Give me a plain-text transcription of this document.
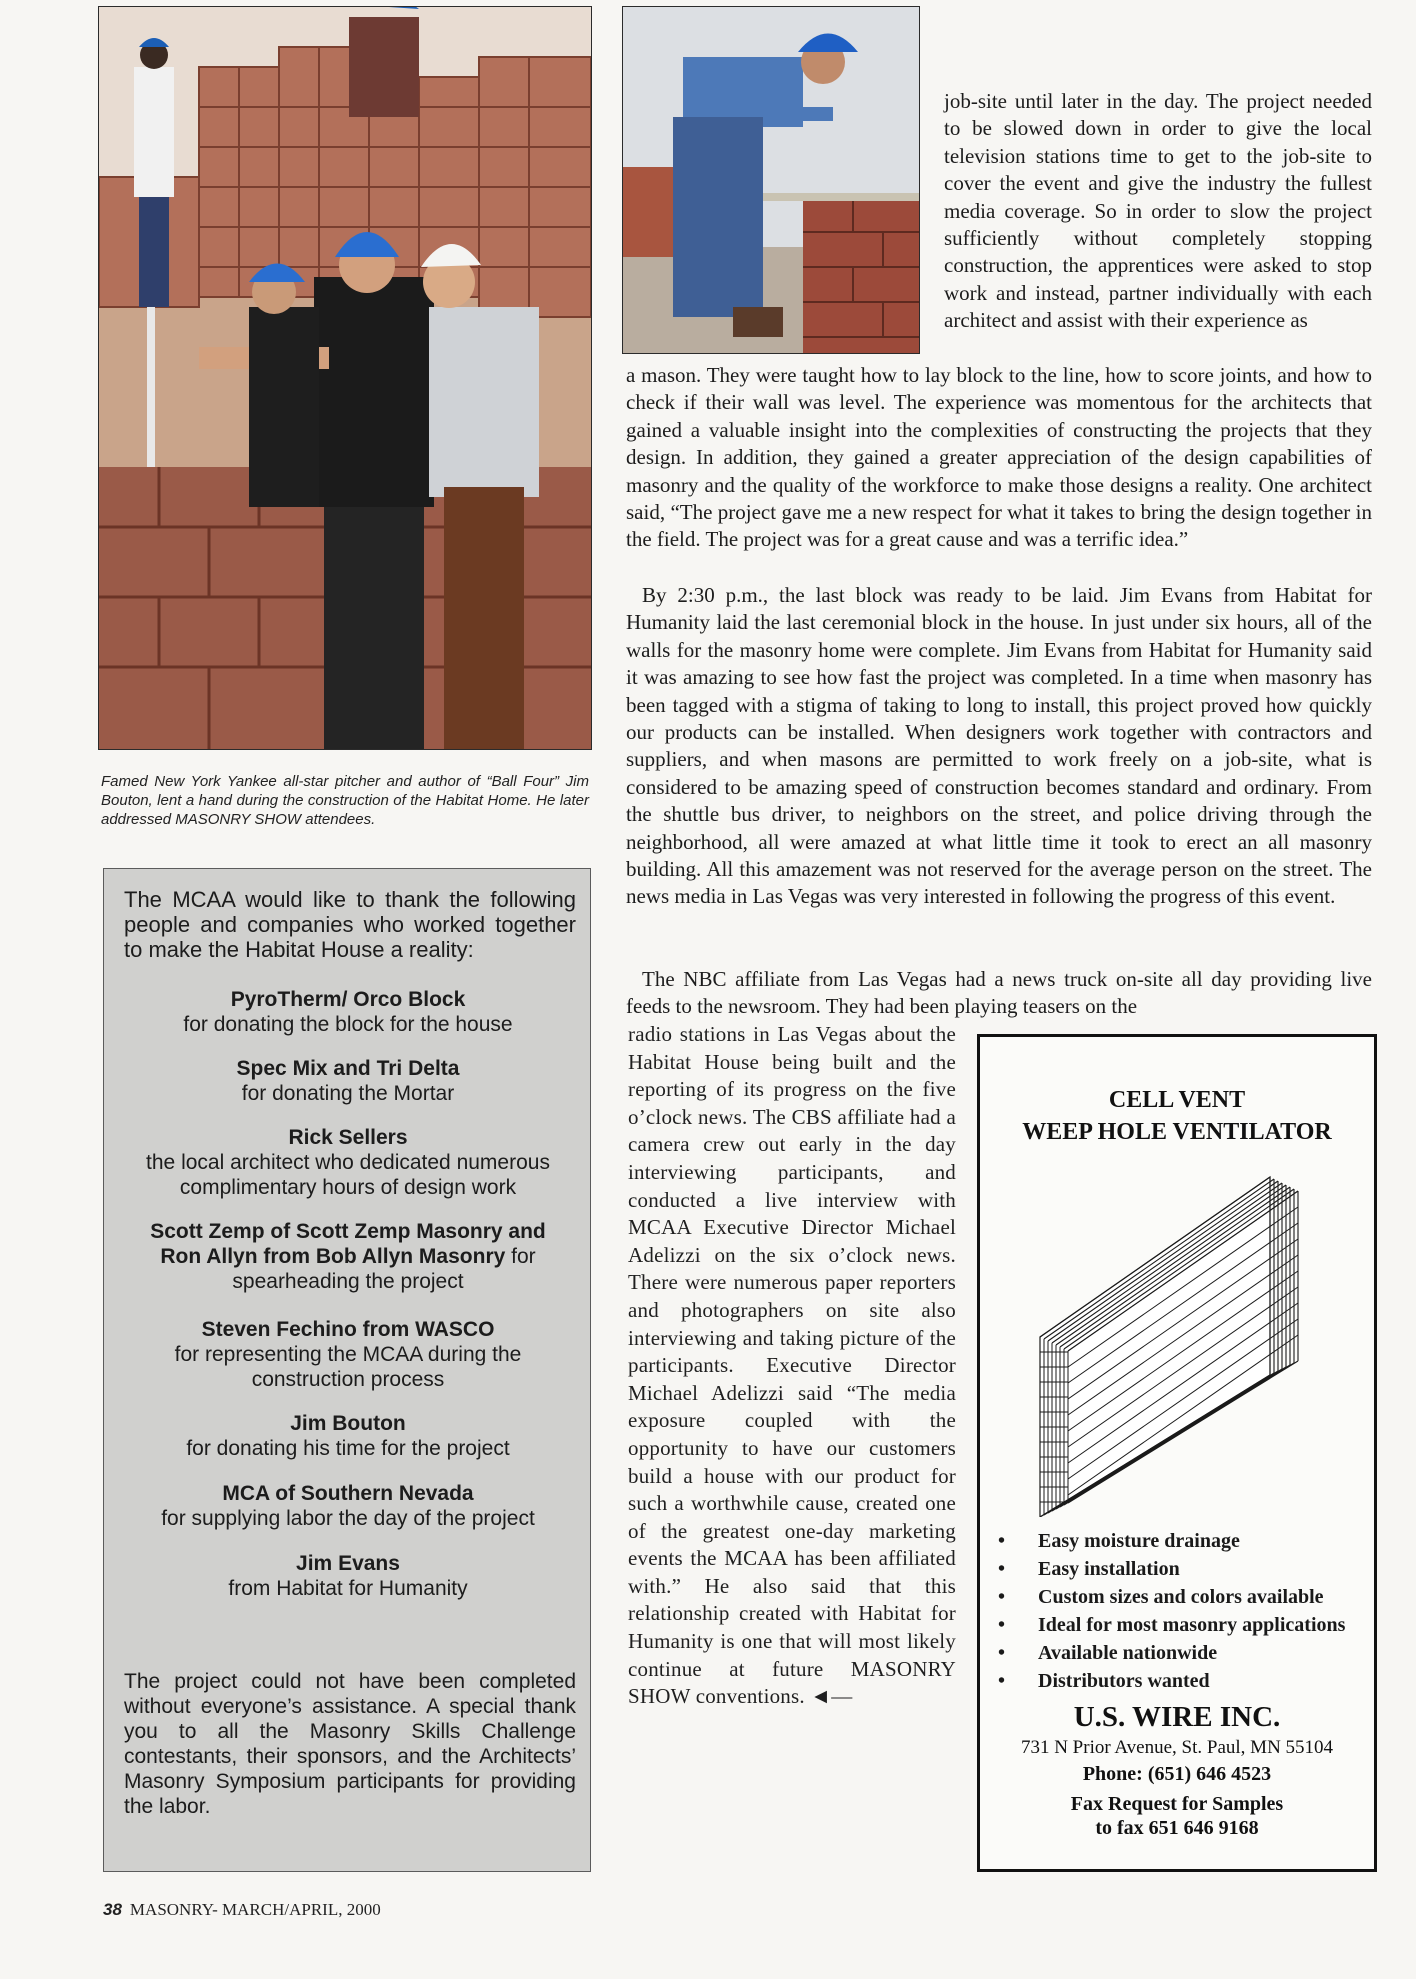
Famed New York Yankee all-star pitcher and author of “Ball Four” Jim Bouton, lent a hand during the construction of the Habitat Home. He later addressed MASONRY SHOW attendees.
The MCAA would like to thank the following people and companies who worked together to make the Habitat House a reality:
PyroTherm/ Orco Block
for donating the block for the house
Spec Mix and Tri Delta
for donating the Mortar
Rick Sellers
the local architect who dedicated numerous complimentary hours of design work
Scott Zemp of Scott Zemp Masonry and Ron Allyn from Bob Allyn Masonry for spearheading the project
Steven Fechino from WASCO
for representing the MCAA during the construction process
Jim Bouton
for donating his time for the project
MCA of Southern Nevada
for supplying labor the day of the project
Jim Evans
from Habitat for Humanity
The project could not have been completed without everyone’s assistance. A special thank you to all the Masonry Skills Challenge contestants, their sponsors, and the Architects’ Masonry Symposium participants for providing the labor.
job-site until later in the day. The project needed to be slowed down in order to give the local television stations time to get to the job-site to cover the event and give the industry the fullest media coverage. So in order to slow the project sufficiently without completely stopping construction, the apprentices were asked to stop work and instead, partner individually with each architect and assist with their experience as
a mason. They were taught how to lay block to the line, how to score joints, and how to check if their wall was level. The experience was momentous for the architects that gained a valuable insight into the complexities of constructing the projects that they design. In addition, they gained a greater appreciation of the design capabilities of masonry and the quality of the workforce to make those designs a reality. One architect said, “The project gave me a new respect for what it takes to bring the design together in the field. The project was for a great cause and was a terrific idea.”
By 2:30 p.m., the last block was ready to be laid. Jim Evans from Habitat for Humanity laid the last ceremonial block in the house. In just under six hours, all of the walls for the masonry home were complete. Jim Evans from Habitat for Humanity said it was amazing to see how fast the project was completed. In a time when masonry has been tagged with a stigma of taking to long to install, this project proved how quickly our products can be installed. When designers work together with contractors and suppliers, and when masons are permitted to work freely on a job-site, what is considered to be amazing speed of construction becomes standard and ordinary. From the shuttle bus driver, to neighbors on the street, and police driving through the neighborhood, all were amazed at what little time it took to erect an all masonry building. All this amazement was not reserved for the average person on the street. The news media in Las Vegas was very interested in following the progress of this event.
The NBC affiliate from Las Vegas had a news truck on-site all day providing live feeds to the newsroom. They had been playing teasers on the
radio stations in Las Vegas about the Habitat House being built and the reporting of its progress on the five o’clock news. The CBS affiliate had a camera crew out early in the day interviewing participants, and conducted a live interview with MCAA Executive Director Michael Adelizzi on the six o’clock news. There were numerous paper reporters and photographers on site also interviewing and taking picture of the participants. Executive Director Michael Adelizzi said “The media exposure coupled with the opportunity to have our customers build a house with our product for such a worthwhile cause, created one of the greatest one-day marketing events the MCAA has been affiliated with.” He also said that this relationship created with Habitat for Humanity is one that will most likely continue at future MASONRY SHOW conventions. ◄—
CELL VENT
WEEP HOLE VENTILATOR
• Easy moisture drainage
• Easy installation
• Custom sizes and colors available
• Ideal for most masonry applications
• Available nationwide
• Distributors wanted
U.S. WIRE INC.
731 N Prior Avenue, St. Paul, MN 55104
Phone: (651) 646 4523
Fax Request for Samples
to fax 651 646 9168
38 MASONRY- MARCH/APRIL, 2000
